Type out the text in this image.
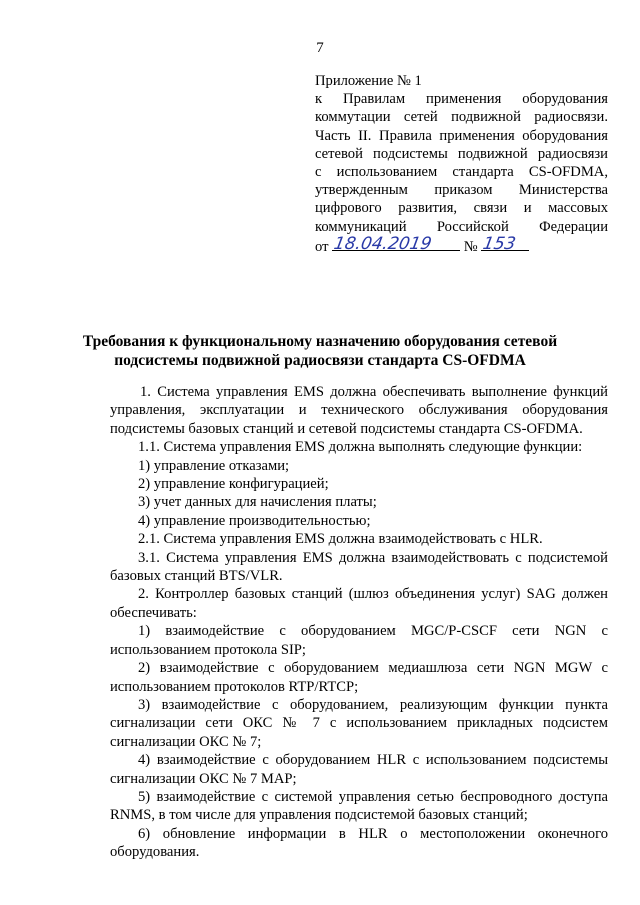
7
Приложение № 1
к Правилам применения оборудования
коммутации сетей подвижной радиосвязи.
Часть II. Правила применения оборудования
сетевой подсистемы подвижной радиосвязи
с использованием стандарта CS-OFDMA,
утвержденным приказом Министерства
цифрового развития, связи и массовых
коммуникаций Российской Федерации
от 18.04.2019 № 153
Требования к функциональному назначению оборудования сетевой
подсистемы подвижной радиосвязи стандарта CS-OFDMA
1. Система управления EMS должна обеспечивать выполнение функций управления, эксплуатации и технического обслуживания оборудования подсистемы базовых станций и сетевой подсистемы стандарта CS-OFDMA.
1.1. Система управления EMS должна выполнять следующие функции:
1) управление отказами;
2) управление конфигурацией;
3) учет данных для начисления платы;
4) управление производительностью;
2.1. Система управления EMS должна взаимодействовать с HLR.
3.1. Система управления EMS должна взаимодействовать с подсистемой базовых станций BTS/VLR.
2. Контроллер базовых станций (шлюз объединения услуг) SAG должен обеспечивать:
1) взаимодействие с оборудованием MGC/P-CSCF сети NGN с использованием протокола SIP;
2) взаимодействие с оборудованием медиашлюза сети NGN MGW с использованием протоколов RTP/RTCP;
3) взаимодействие с оборудованием, реализующим функции пункта сигнализации сети ОКС № 7 с использованием прикладных подсистем сигнализации ОКС № 7;
4) взаимодействие с оборудованием HLR с использованием подсистемы сигнализации ОКС № 7 MAP;
5) взаимодействие с системой управления сетью беспроводного доступа RNMS, в том числе для управления подсистемой базовых станций;
6) обновление информации в HLR о местоположении оконечного оборудования.
